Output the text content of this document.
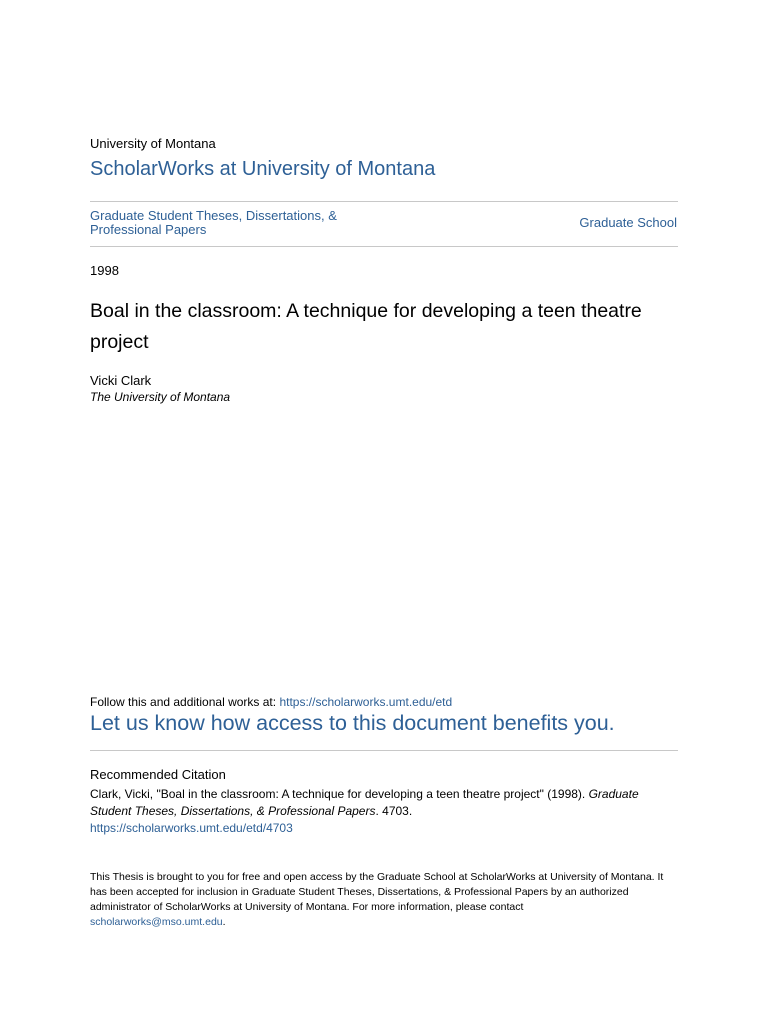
University of Montana
ScholarWorks at University of Montana
Graduate Student Theses, Dissertations, & Professional Papers	Graduate School
1998
Boal in the classroom: A technique for developing a teen theatre project
Vicki Clark
The University of Montana
Follow this and additional works at: https://scholarworks.umt.edu/etd
Let us know how access to this document benefits you.
Recommended Citation
Clark, Vicki, "Boal in the classroom: A technique for developing a teen theatre project" (1998). Graduate Student Theses, Dissertations, & Professional Papers. 4703.
https://scholarworks.umt.edu/etd/4703
This Thesis is brought to you for free and open access by the Graduate School at ScholarWorks at University of Montana. It has been accepted for inclusion in Graduate Student Theses, Dissertations, & Professional Papers by an authorized administrator of ScholarWorks at University of Montana. For more information, please contact
scholarworks@mso.umt.edu.
